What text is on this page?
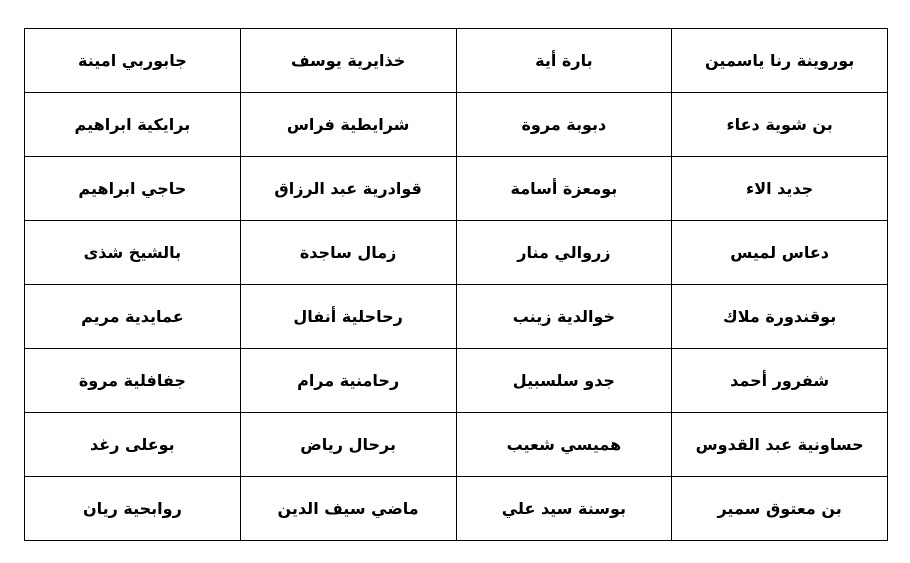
بوروينة رنا ياسمين	بارة أية	خذايرية يوسف	جابوربي امينة
بن شوية دعاء	دبوبة مروة	شرايطية فراس	برايكية ابراهيم
جديد الاء	بومعزة أسامة	قوادرية عبد الرزاق	حاجي ابراهيم
دعاس لميس	زروالي منار	زمال ساجدة	بالشيخ شذى
بوقندورة ملاك	خوالدية زينب	رحاحلية أنفال	عمايدية مريم
شفرور أحمد	جدو سلسبيل	رحامنية مرام	جفافلية مروة
حساونية عبد القدوس	هميسي شعيب	برحال رياض	بوعلى رغد
بن معتوق سمير	بوسنة سيد علي	ماضي سيف الدين	روابحية ريان
